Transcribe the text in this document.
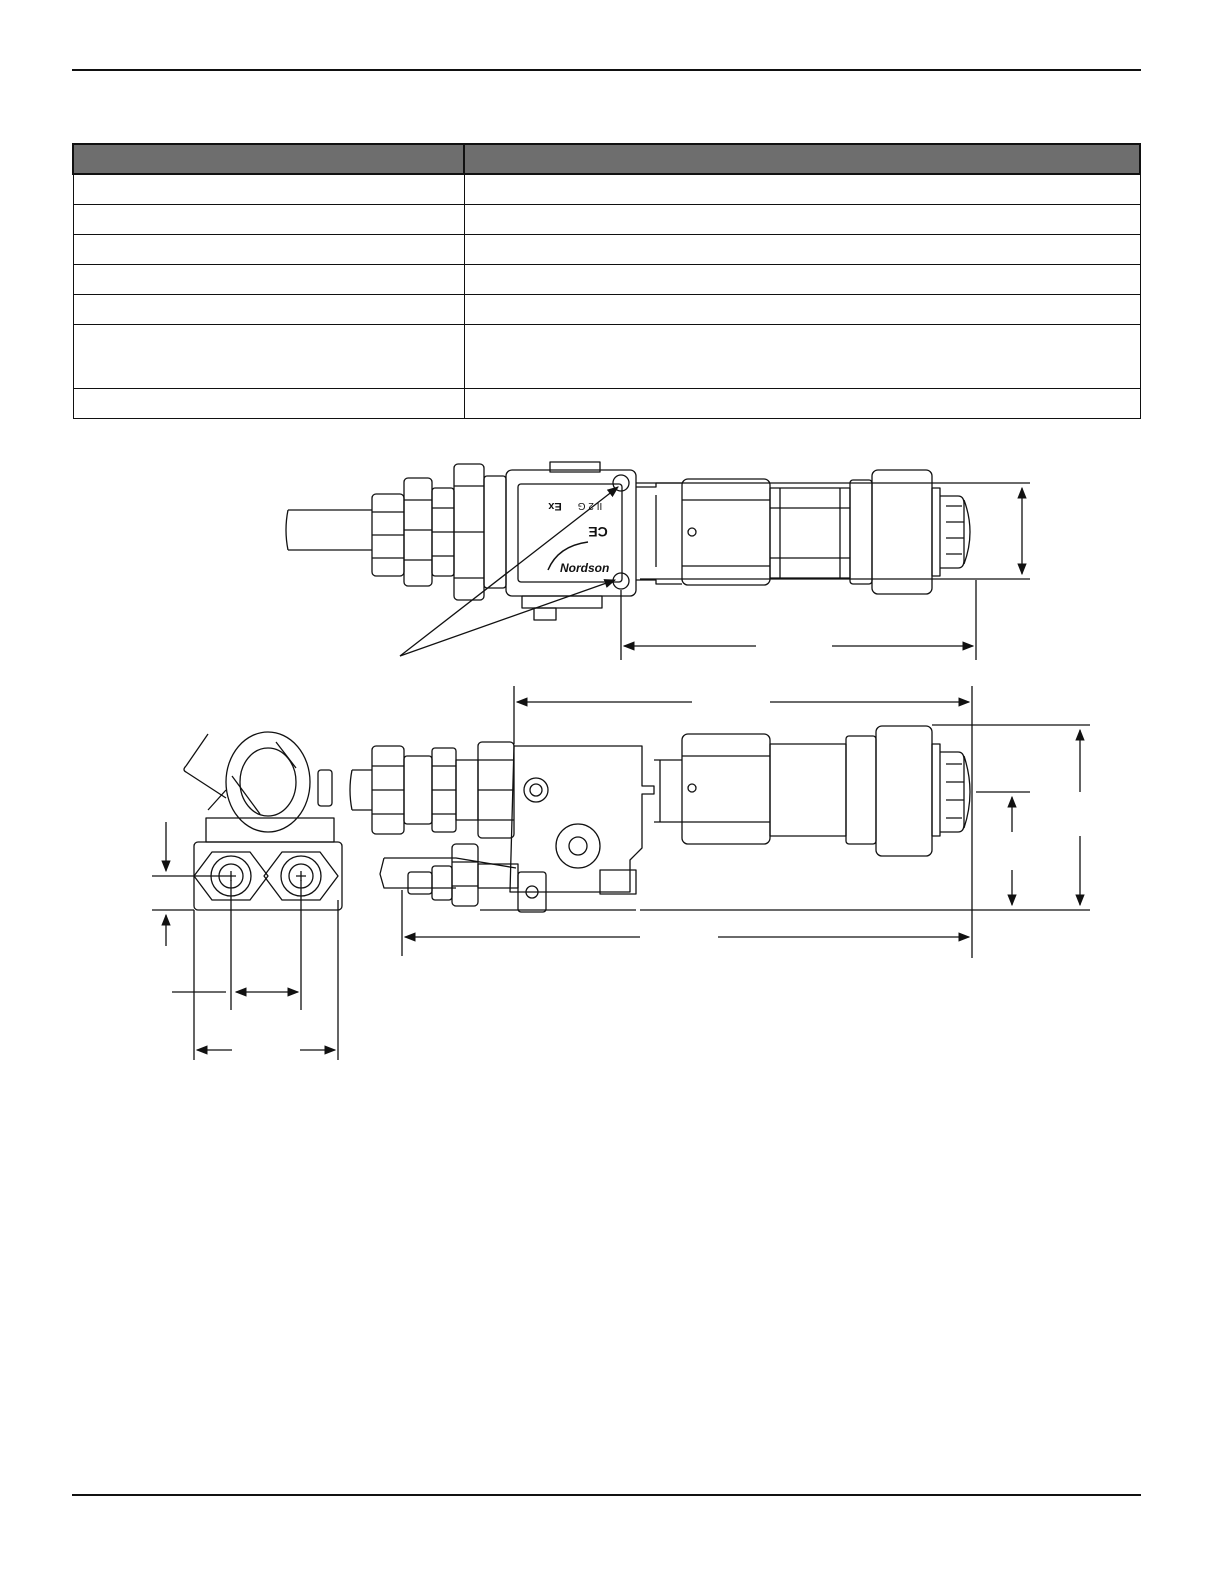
Ex II 2 G
CE
Nordson
